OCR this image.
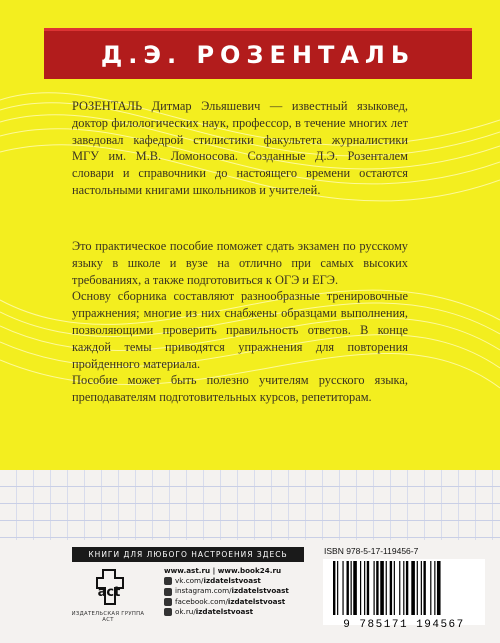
Д.Э. РОЗЕНТАЛЬ
РОЗЕНТАЛЬ Дитмар Эльяшевич — известный языковед, доктор филологических наук, профессор, в течение многих лет заведовал кафедрой стилистики факультета журналистики МГУ им. М.В. Ломоносова. Созданные Д.Э. Розенталем словари и справочники до настоящего времени остаются настольными книгами школьников и учителей.

Это практическое пособие поможет сдать экзамен по русскому языку в школе и вузе на отлично при самых высоких требованиях, а также подготовиться к ОГЭ и ЕГЭ.

Основу сборника составляют разнообразные тренировочные упражнения; многие из них снабжены образцами выполнения, позволяющими проверить правильность ответов. В конце каждой темы приводятся упражнения для повторения пройденного материала.

Пособие может быть полезно учителям русского языка, преподавателям подготовительных курсов, репетиторам.

КНИГИ ДЛЯ ЛЮБОГО НАСТРОЕНИЯ ЗДЕСЬ
act
ИЗДАТЕЛЬСКАЯ ГРУППА АСТ
www.ast.ru | www.book24.ru
vk.com/ izdatelstvoast
instagram.com/ izdatelstvoast
facebook.com/ izdatelstvoast
ok.ru/ izdatelstvoast
ISBN 978-5-17-119456-7
9 785171 194567
